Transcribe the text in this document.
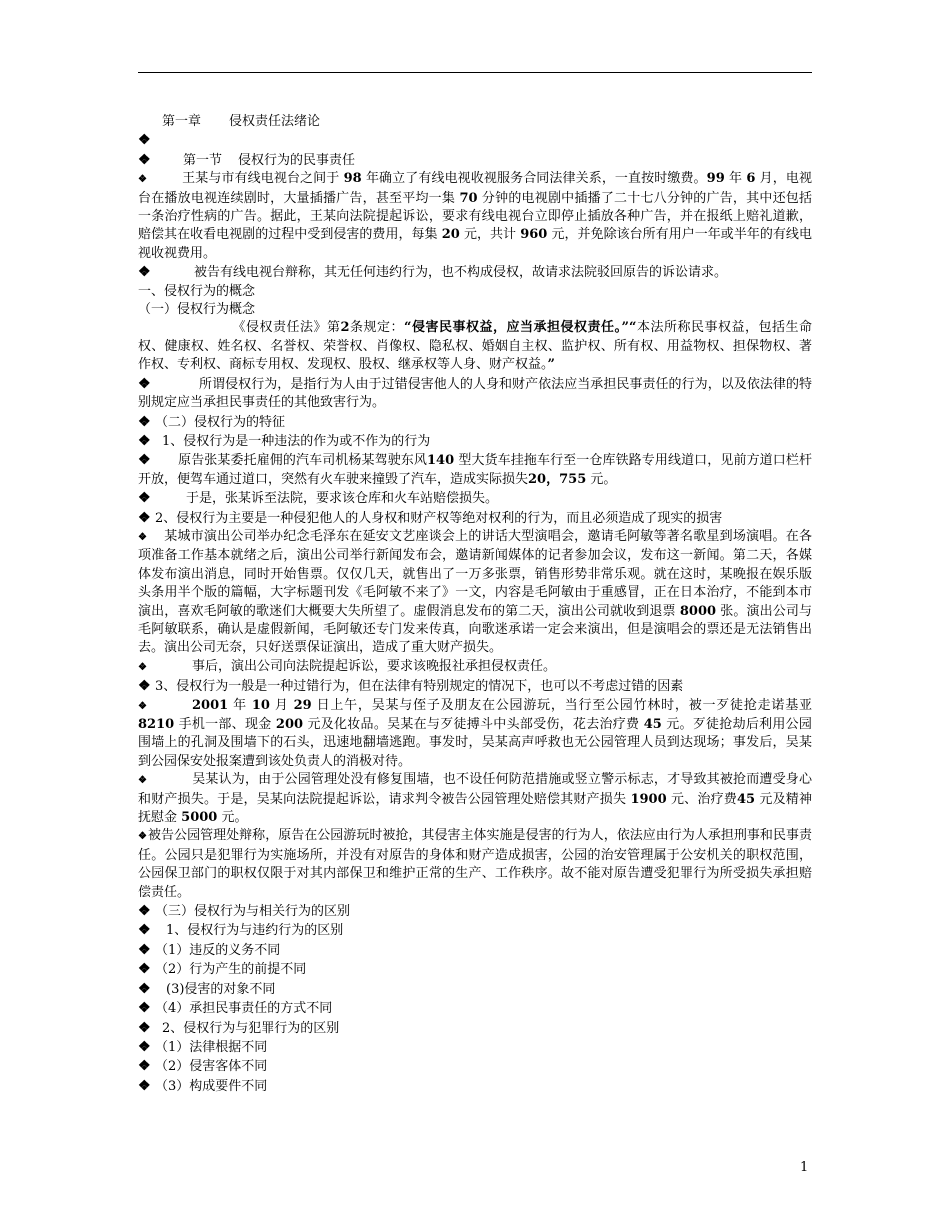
第一章 侵权责任法绪论

❖

❖ 第一节 侵权行为的民事责任

❖	王某与市有线电视台之间于 98 年确立了有线电视收视服务合同法律关系，一直按时缴费。99 年 6 月，电视台在播放电视连续剧时，大量插播广告，甚至平均一集 70 分钟的电视剧中插播了二十七八分钟的广告，其中还包括一条治疗性病的广告。据此，王某向法院提起诉讼，要求有线电视台立即停止插放各种广告，并在报纸上赔礼道歉，赔偿其在收看电视剧的过程中受到侵害的费用，每集 20 元，共计 960 元，并免除该台所有用户一年或半年的有线电视收视费用。

❖	被告有线电视台辩称，其无任何违约行为，也不构成侵权，故请求法院驳回原告的诉讼请求。

一、侵权行为的概念

（一）侵权行为概念

《侵权责任法》第2条规定：“侵害民事权益，应当承担侵权责任。”“本法所称民事权益，包括生命权、健康权、姓名权、名誉权、荣誉权、肖像权、隐私权、婚姻自主权、监护权、所有权、用益物权、担保物权、著作权、专利权、商标专用权、发现权、股权、继承权等人身、财产权益。”

❖	所谓侵权行为，是指行为人由于过错侵害他人的人身和财产依法应当承担民事责任的行为，以及依法律的特别规定应当承担民事责任的其他致害行为。

❖ （二）侵权行为的特征

❖ 1、侵权行为是一种违法的作为或不作为的行为

❖ 原告张某委托雇佣的汽车司机杨某驾驶东风140 型大货车挂拖车行至一仓库铁路专用线道口，见前方道口栏杆开放，便驾车通过道口，突然有火车驶来撞毁了汽车，造成实际损失20，755 元。

❖	于是，张某诉至法院，要求该仓库和火车站赔偿损失。

❖ 2、侵权行为主要是一种侵犯他人的人身权和财产权等绝对权利的行为，而且必须造成了现实的损害

❖ 某城市演出公司举办纪念毛泽东在延安文艺座谈会上的讲话大型演唱会，邀请毛阿敏等著名歌星到场演唱。在各项准备工作基本就绪之后，演出公司举行新闻发布会，邀请新闻媒体的记者参加会议，发布这一新闻。第二天，各媒体发布演出消息，同时开始售票。仅仅几天，就售出了一万多张票，销售形势非常乐观。就在这时，某晚报在娱乐版头条用半个版的篇幅，大字标题刊发《毛阿敏不来了》一文，内容是毛阿敏由于重感冒，正在日本治疗，不能到本市演出，喜欢毛阿敏的歌迷们大概要大失所望了。虚假消息发布的第二天，演出公司就收到退票 8000 张。演出公司与毛阿敏联系，确认是虚假新闻，毛阿敏还专门发来传真，向歌迷承诺一定会来演出，但是演唱会的票还是无法销售出去。演出公司无奈，只好送票保证演出，造成了重大财产损失。

❖	事后，演出公司向法院提起诉讼，要求该晚报社承担侵权责任。

❖ 3、侵权行为一般是一种过错行为，但在法律有特别规定的情况下，也可以不考虑过错的因素

❖	2001 年 10 月 29 日上午，吴某与侄子及朋友在公园游玩，当行至公园竹林时，被一歹徒抢走诺基亚8210 手机一部、现金 200 元及化妆品。吴某在与歹徒搏斗中头部受伤，花去治疗费 45 元。歹徒抢劫后利用公园围墙上的孔洞及围墙下的石头，迅速地翻墙逃跑。事发时，吴某高声呼救也无公园管理人员到达现场；事发后，吴某到公园保安处报案遭到该处负责人的消极对待。

❖	吴某认为，由于公园管理处没有修复围墙，也不设任何防范措施或竖立警示标志，才导致其被抢而遭受身心和财产损失。于是，吴某向法院提起诉讼，请求判令被告公园管理处赔偿其财产损失 1900 元、治疗费45 元及精神抚慰金 5000 元。

❖被告公园管理处辩称，原告在公园游玩时被抢，其侵害主体实施是侵害的行为人，依法应由行为人承担刑事和民事责任。公园只是犯罪行为实施场所，并没有对原告的身体和财产造成损害，公园的治安管理属于公安机关的职权范围，公园保卫部门的职权仅限于对其内部保卫和维护正常的生产、工作秩序。故不能对原告遭受犯罪行为所受损失承担赔偿责任。

❖ （三）侵权行为与相关行为的区别

❖ 1、侵权行为与违约行为的区别

❖ （1）违反的义务不同

❖ （2）行为产生的前提不同

❖ (3)侵害的对象不同

❖ （4）承担民事责任的方式不同

❖ 2、侵权行为与犯罪行为的区别

❖ （1）法律根据不同

❖ （2）侵害客体不同

❖ （3）构成要件不同

1
